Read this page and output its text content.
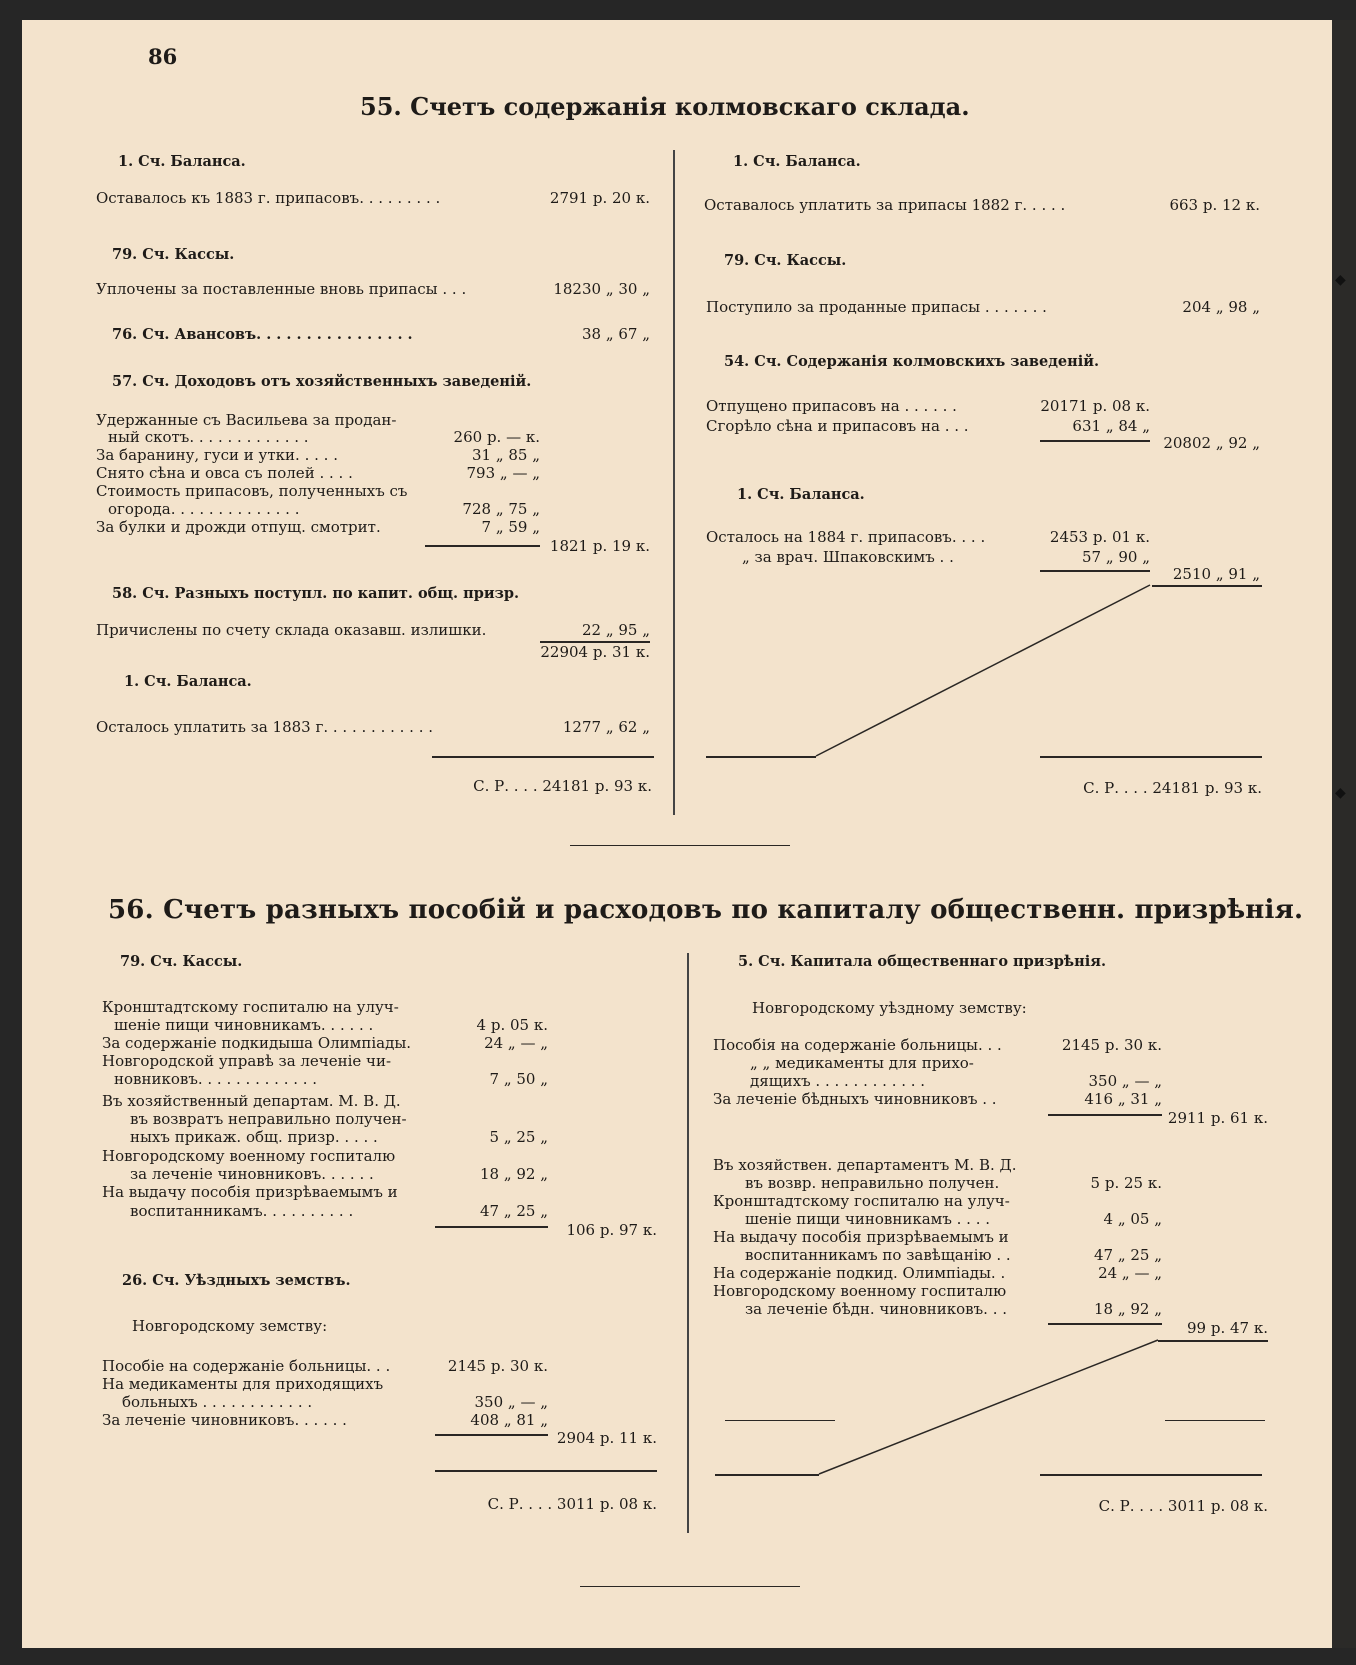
◆
◆
86
55. Счетъ содержанія колмовскаго склада.
1. Сч. Баланса.
Оставалось къ 1883 г. припасовъ. . . . . . . . .	2791 р. 20 к.
79. Сч. Кассы.
Уплочены за поставленные вновь припасы . . .	18230 „ 30 „
76. Сч. Авансовъ. . . . . . . . . . . . . . . .	38 „ 67 „
57. Сч. Доходовъ отъ хозяйственныхъ заведеній.
Удержанные съ Васильева за продан-
ный скотъ. . . . . . . . . . . . .	260 р. — к.
За баранину, гуси и утки. . . . .	31 „ 85 „
Снято сѣна и овса съ полей . . . .	793 „ — „
Стоимость припасовъ, полученныхъ съ
огорода. . . . . . . . . . . . . .	728 „ 75 „
За булки и дрожди отпущ. смотрит.	7 „ 59 „
1821 р. 19 к.
58. Сч. Разныхъ поступл. по капит. общ. призр.
Причислены по счету склада оказавш. излишки.	22 „ 95 „
22904 р. 31 к.
1. Сч. Баланса.
Осталось уплатить за 1883 г. . . . . . . . . . . .	1277 „ 62 „
С. Р. . . . 24181 р. 93 к.
1. Сч. Баланса.
Оставалось уплатить за припасы 1882 г. . . . .	663 р. 12 к.
79. Сч. Кассы.
Поступило за проданные припасы . . . . . . .	204 „ 98 „
54. Сч. Содержанія колмовскихъ заведеній.
Отпущено припасовъ на . . . . . .	20171 р. 08 к.
Сгорѣло сѣна и припасовъ на . . .	631 „ 84 „
20802 „ 92 „
1. Сч. Баланса.
Осталось на 1884 г. припасовъ. . . .	2453 р. 01 к.
„ за врач. Шпаковскимъ . .	57 „ 90 „
2510 „ 91 „
С. Р. . . . 24181 р. 93 к.
56. Счетъ разныхъ пособій и расходовъ по капиталу общественн. призрѣнія.
79. Сч. Кассы.
Кронштадтскому госпиталю на улуч-
шеніе пищи чиновникамъ. . . . . .	4 р. 05 к.
За содержаніе подкидыша Олимпіады.	24 „ — „
Новгородской управѣ за леченіе чи-
новниковъ. . . . . . . . . . . . .	7 „ 50 „
Въ хозяйственный департам. М. В. Д.
въ возвратъ неправильно получен-
ныхъ прикаж. общ. призр. . . . .	5 „ 25 „
Новгородскому военному госпиталю
за леченіе чиновниковъ. . . . . .	18 „ 92 „
На выдачу пособія призрѣваемымъ и
воспитанникамъ. . . . . . . . . .	47 „ 25 „
106 р. 97 к.
26. Сч. Уѣздныхъ земствъ.
Новгородскому земству:
Пособіе на содержаніе больницы. . .	2145 р. 30 к.
На медикаменты для приходящихъ
больныхъ . . . . . . . . . . . .	350 „ — „
За леченіе чиновниковъ. . . . . .	408 „ 81 „
2904 р. 11 к.
С. Р. . . . 3011 р. 08 к.
5. Сч. Капитала общественнаго призрѣнія.
Новгородскому уѣздному земству:
Пособія на содержаніе больницы. . .	2145 р. 30 к.
„ „ медикаменты для прихо-
дящихъ . . . . . . . . . . . .	350 „ — „
За леченіе бѣдныхъ чиновниковъ . .	416 „ 31 „
2911 р. 61 к.
Въ хозяйствен. департаментъ М. В. Д.
въ возвр. неправильно получен.	5 р. 25 к.
Кронштадтскому госпиталю на улуч-
шеніе пищи чиновникамъ . . . .	4 „ 05 „
На выдачу пособія призрѣваемымъ и
воспитанникамъ по завѣщанію . .	47 „ 25 „
На содержаніе подкид. Олимпіады. .	24 „ — „
Новгородскому военному госпиталю
за леченіе бѣдн. чиновниковъ. . .	18 „ 92 „
99 р. 47 к.
С. Р. . . . 3011 р. 08 к.
